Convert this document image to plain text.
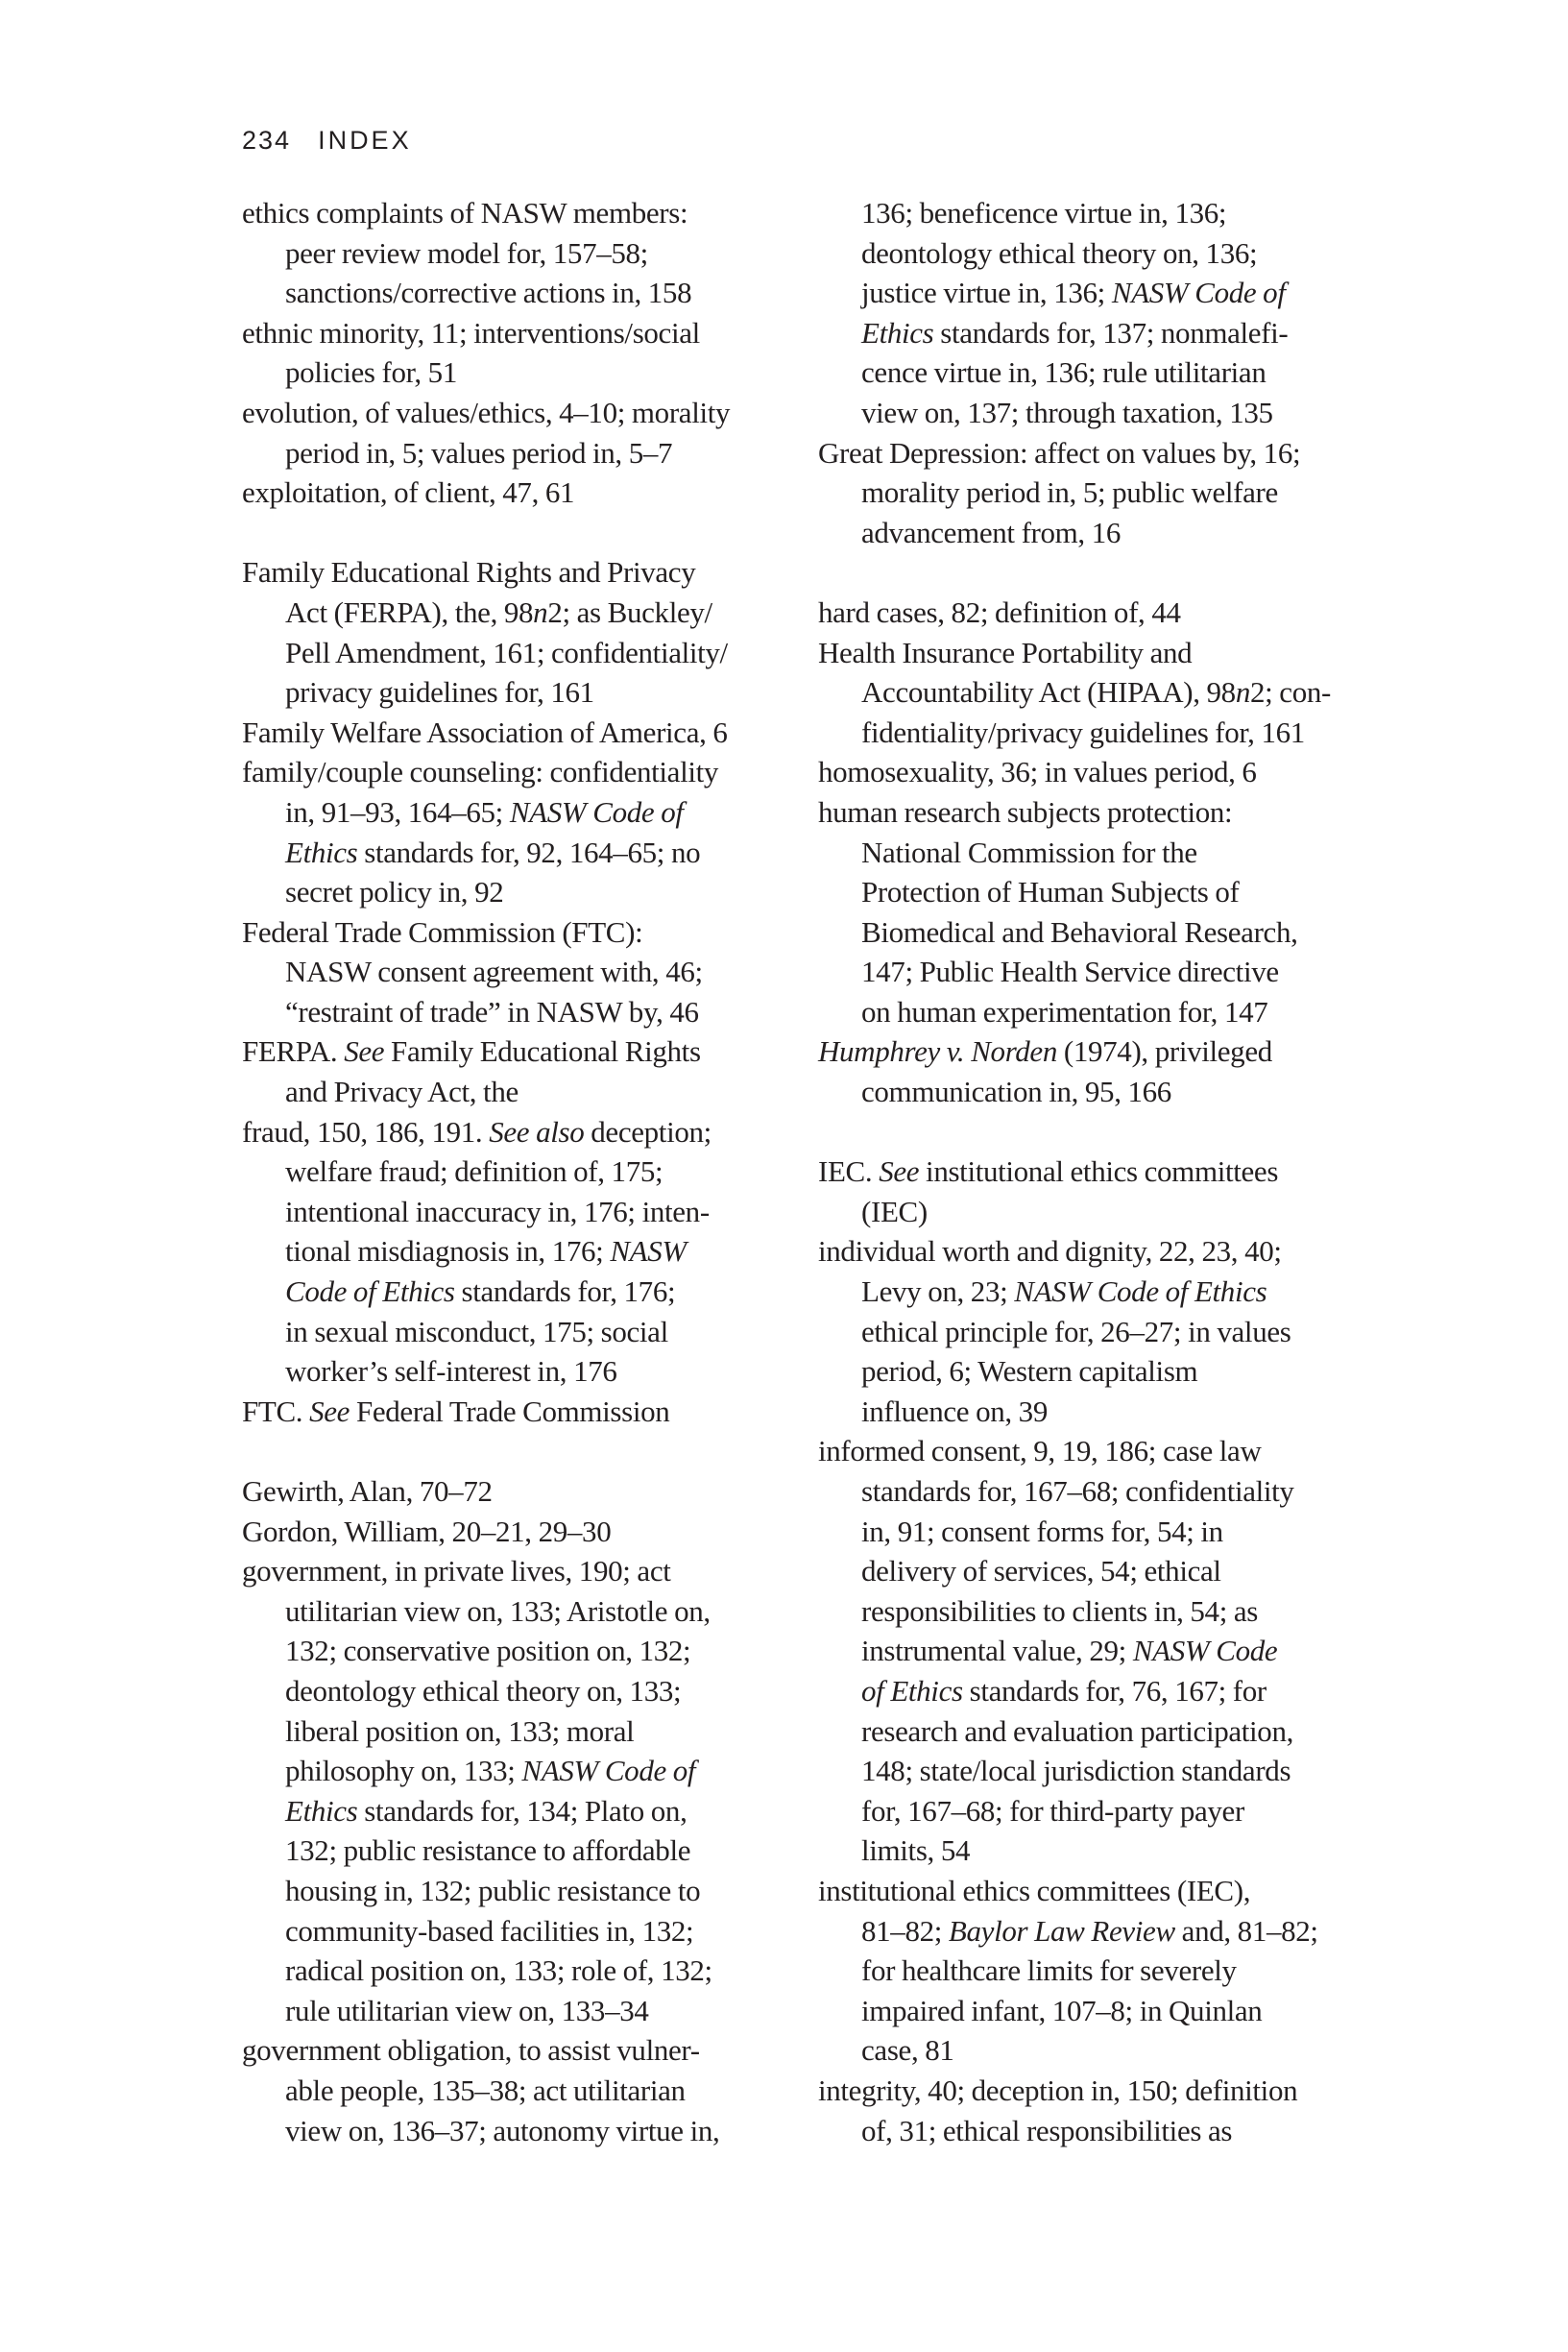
234 INDEX
ethics complaints of NASW members:
peer review model for, 157–58;
sanctions/corrective actions in, 158
ethnic minority, 11; interventions/social
policies for, 51
evolution, of values/ethics, 4–10; morality
period in, 5; values period in, 5–7
exploitation, of client, 47, 61
Family Educational Rights and Privacy
Act (FERPA), the, 98n2; as Buckley/
Pell Amendment, 161; confidentiality/
privacy guidelines for, 161
Family Welfare Association of America, 6
family/couple counseling: confidentiality
in, 91–93, 164–65; NASW Code of
Ethics standards for, 92, 164–65; no
secret policy in, 92
Federal Trade Commission (FTC):
NASW consent agreement with, 46;
“restraint of trade” in NASW by, 46
FERPA. See Family Educational Rights
and Privacy Act, the
fraud, 150, 186, 191. See also deception;
welfare fraud; definition of, 175;
intentional inaccuracy in, 176; inten-
tional misdiagnosis in, 176; NASW
Code of Ethics standards for, 176;
in sexual misconduct, 175; social
worker’s self-interest in, 176
FTC. See Federal Trade Commission
Gewirth, Alan, 70–72
Gordon, William, 20–21, 29–30
government, in private lives, 190; act
utilitarian view on, 133; Aristotle on,
132; conservative position on, 132;
deontology ethical theory on, 133;
liberal position on, 133; moral
philosophy on, 133; NASW Code of
Ethics standards for, 134; Plato on,
132; public resistance to affordable
housing in, 132; public resistance to
community-based facilities in, 132;
radical position on, 133; role of, 132;
rule utilitarian view on, 133–34
government obligation, to assist vulner-
able people, 135–38; act utilitarian
view on, 136–37; autonomy virtue in,
136; beneficence virtue in, 136;
deontology ethical theory on, 136;
justice virtue in, 136; NASW Code of
Ethics standards for, 137; nonmalefi-
cence virtue in, 136; rule utilitarian
view on, 137; through taxation, 135
Great Depression: affect on values by, 16;
morality period in, 5; public welfare
advancement from, 16
hard cases, 82; definition of, 44
Health Insurance Portability and
Accountability Act (HIPAA), 98n2; con-
fidentiality/privacy guidelines for, 161
homosexuality, 36; in values period, 6
human research subjects protection:
National Commission for the
Protection of Human Subjects of
Biomedical and Behavioral Research,
147; Public Health Service directive
on human experimentation for, 147
Humphrey v. Norden (1974), privileged
communication in, 95, 166
IEC. See institutional ethics committees
(IEC)
individual worth and dignity, 22, 23, 40;
Levy on, 23; NASW Code of Ethics
ethical principle for, 26–27; in values
period, 6; Western capitalism
influence on, 39
informed consent, 9, 19, 186; case law
standards for, 167–68; confidentiality
in, 91; consent forms for, 54; in
delivery of services, 54; ethical
responsibilities to clients in, 54; as
instrumental value, 29; NASW Code
of Ethics standards for, 76, 167; for
research and evaluation participation,
148; state/local jurisdiction standards
for, 167–68; for third-party payer
limits, 54
institutional ethics committees (IEC),
81–82; Baylor Law Review and, 81–82;
for healthcare limits for severely
impaired infant, 107–8; in Quinlan
case, 81
integrity, 40; deception in, 150; definition
of, 31; ethical responsibilities as
